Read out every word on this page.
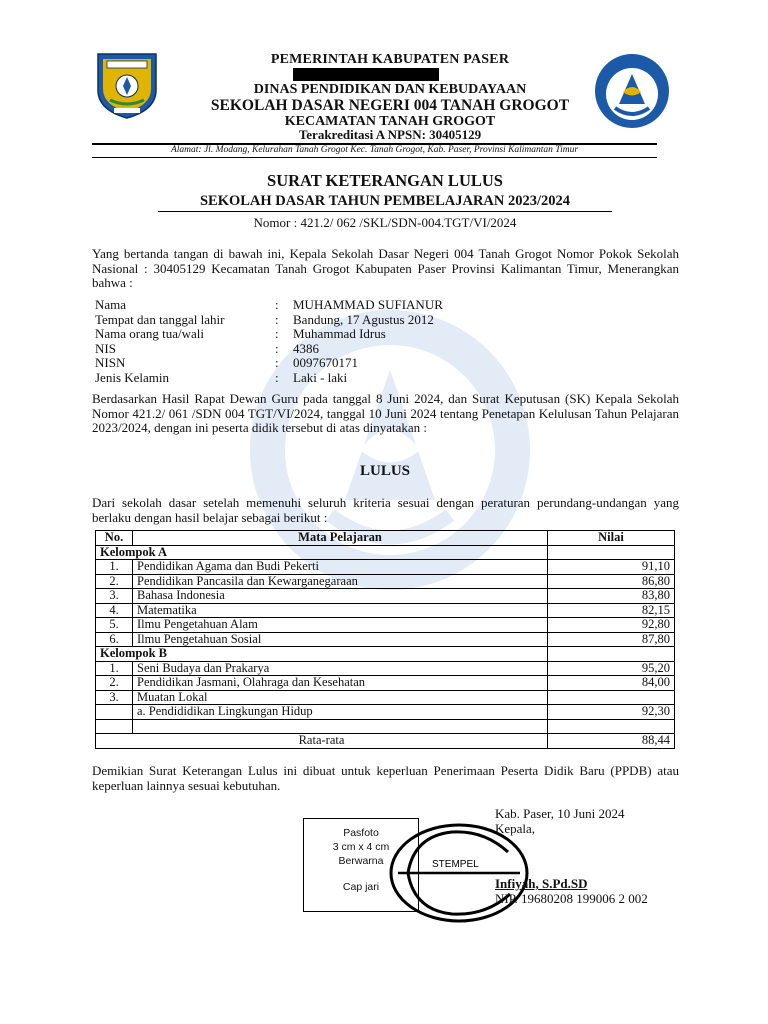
PEMERINTAH KABUPATEN PASER
DINAS PENDIDIKAN DAN KEBUDAYAAN
SEKOLAH DASAR NEGERI 004 TANAH GROGOT
KECAMATAN TANAH GROGOT
Terakreditasi A NPSN: 30405129
Alamat: Jl. Modang, Kelurahan Tanah Grogot Kec. Tanah Grogot, Kab. Paser, Provinsi Kalimantan Timur
SURAT KETERANGAN LULUS
SEKOLAH DASAR TAHUN PEMBELAJARAN 2023/2024
Nomor : 421.2/ 062 /SKL/SDN-004.TGT/VI/2024
Yang bertanda tangan di bawah ini, Kepala Sekolah Dasar Negeri 004 Tanah Grogot Nomor Pokok Sekolah Nasional : 30405129 Kecamatan Tanah Grogot Kabupaten Paser Provinsi Kalimantan Timur, Menerangkan bahwa :
Nama	: MUHAMMAD SUFIANUR
Tempat dan tanggal lahir	: Bandung, 17 Agustus 2012
Nama orang tua/wali	: Muhammad Idrus
NIS	: 4386
NISN	: 0097670171
Jenis Kelamin	: Laki - laki
Berdasarkan Hasil Rapat Dewan Guru pada tanggal 8 Juni 2024, dan Surat Keputusan (SK) Kepala Sekolah Nomor 421.2/ 061 /SDN 004 TGT/VI/2024, tanggal 10 Juni 2024 tentang Penetapan Kelulusan Tahun Pelajaran 2023/2024, dengan ini peserta didik tersebut di atas dinyatakan :
LULUS
Dari sekolah dasar setelah memenuhi seluruh kriteria sesuai dengan peraturan perundang-undangan yang berlaku dengan hasil belajar sebagai berikut :
No.	Mata Pelajaran	Nilai
Kelompok A		
1.	Pendidikan Agama dan Budi Pekerti	91,10
2.	Pendidikan Pancasila dan Kewarganegaraan	86,80
3.	Bahasa Indonesia	83,80
4.	Matematika	82,15
5.	Ilmu Pengetahuan Alam	92,80
6.	Ilmu Pengetahuan Sosial	87,80
Kelompok B		
1.	Seni Budaya dan Prakarya	95,20
2.	Pendidikan Jasmani, Olahraga dan Kesehatan	84,00
3.	Muatan Lokal	
	a. Pendididikan Lingkungan Hidup	92,30

Rata-rata		88,44
Demikian Surat Keterangan Lulus ini dibuat untuk keperluan Penerimaan Peserta Didik Baru (PPDB) atau keperluan lainnya sesuai kebutuhan.
Kab. Paser, 10 Juni 2024
Kepala,
Pasfoto
3 cm x 4 cm
Berwarna
Cap jari
STEMPEL
Infiyah, S.Pd.SD
NIP. 19680208 199006 2 002
